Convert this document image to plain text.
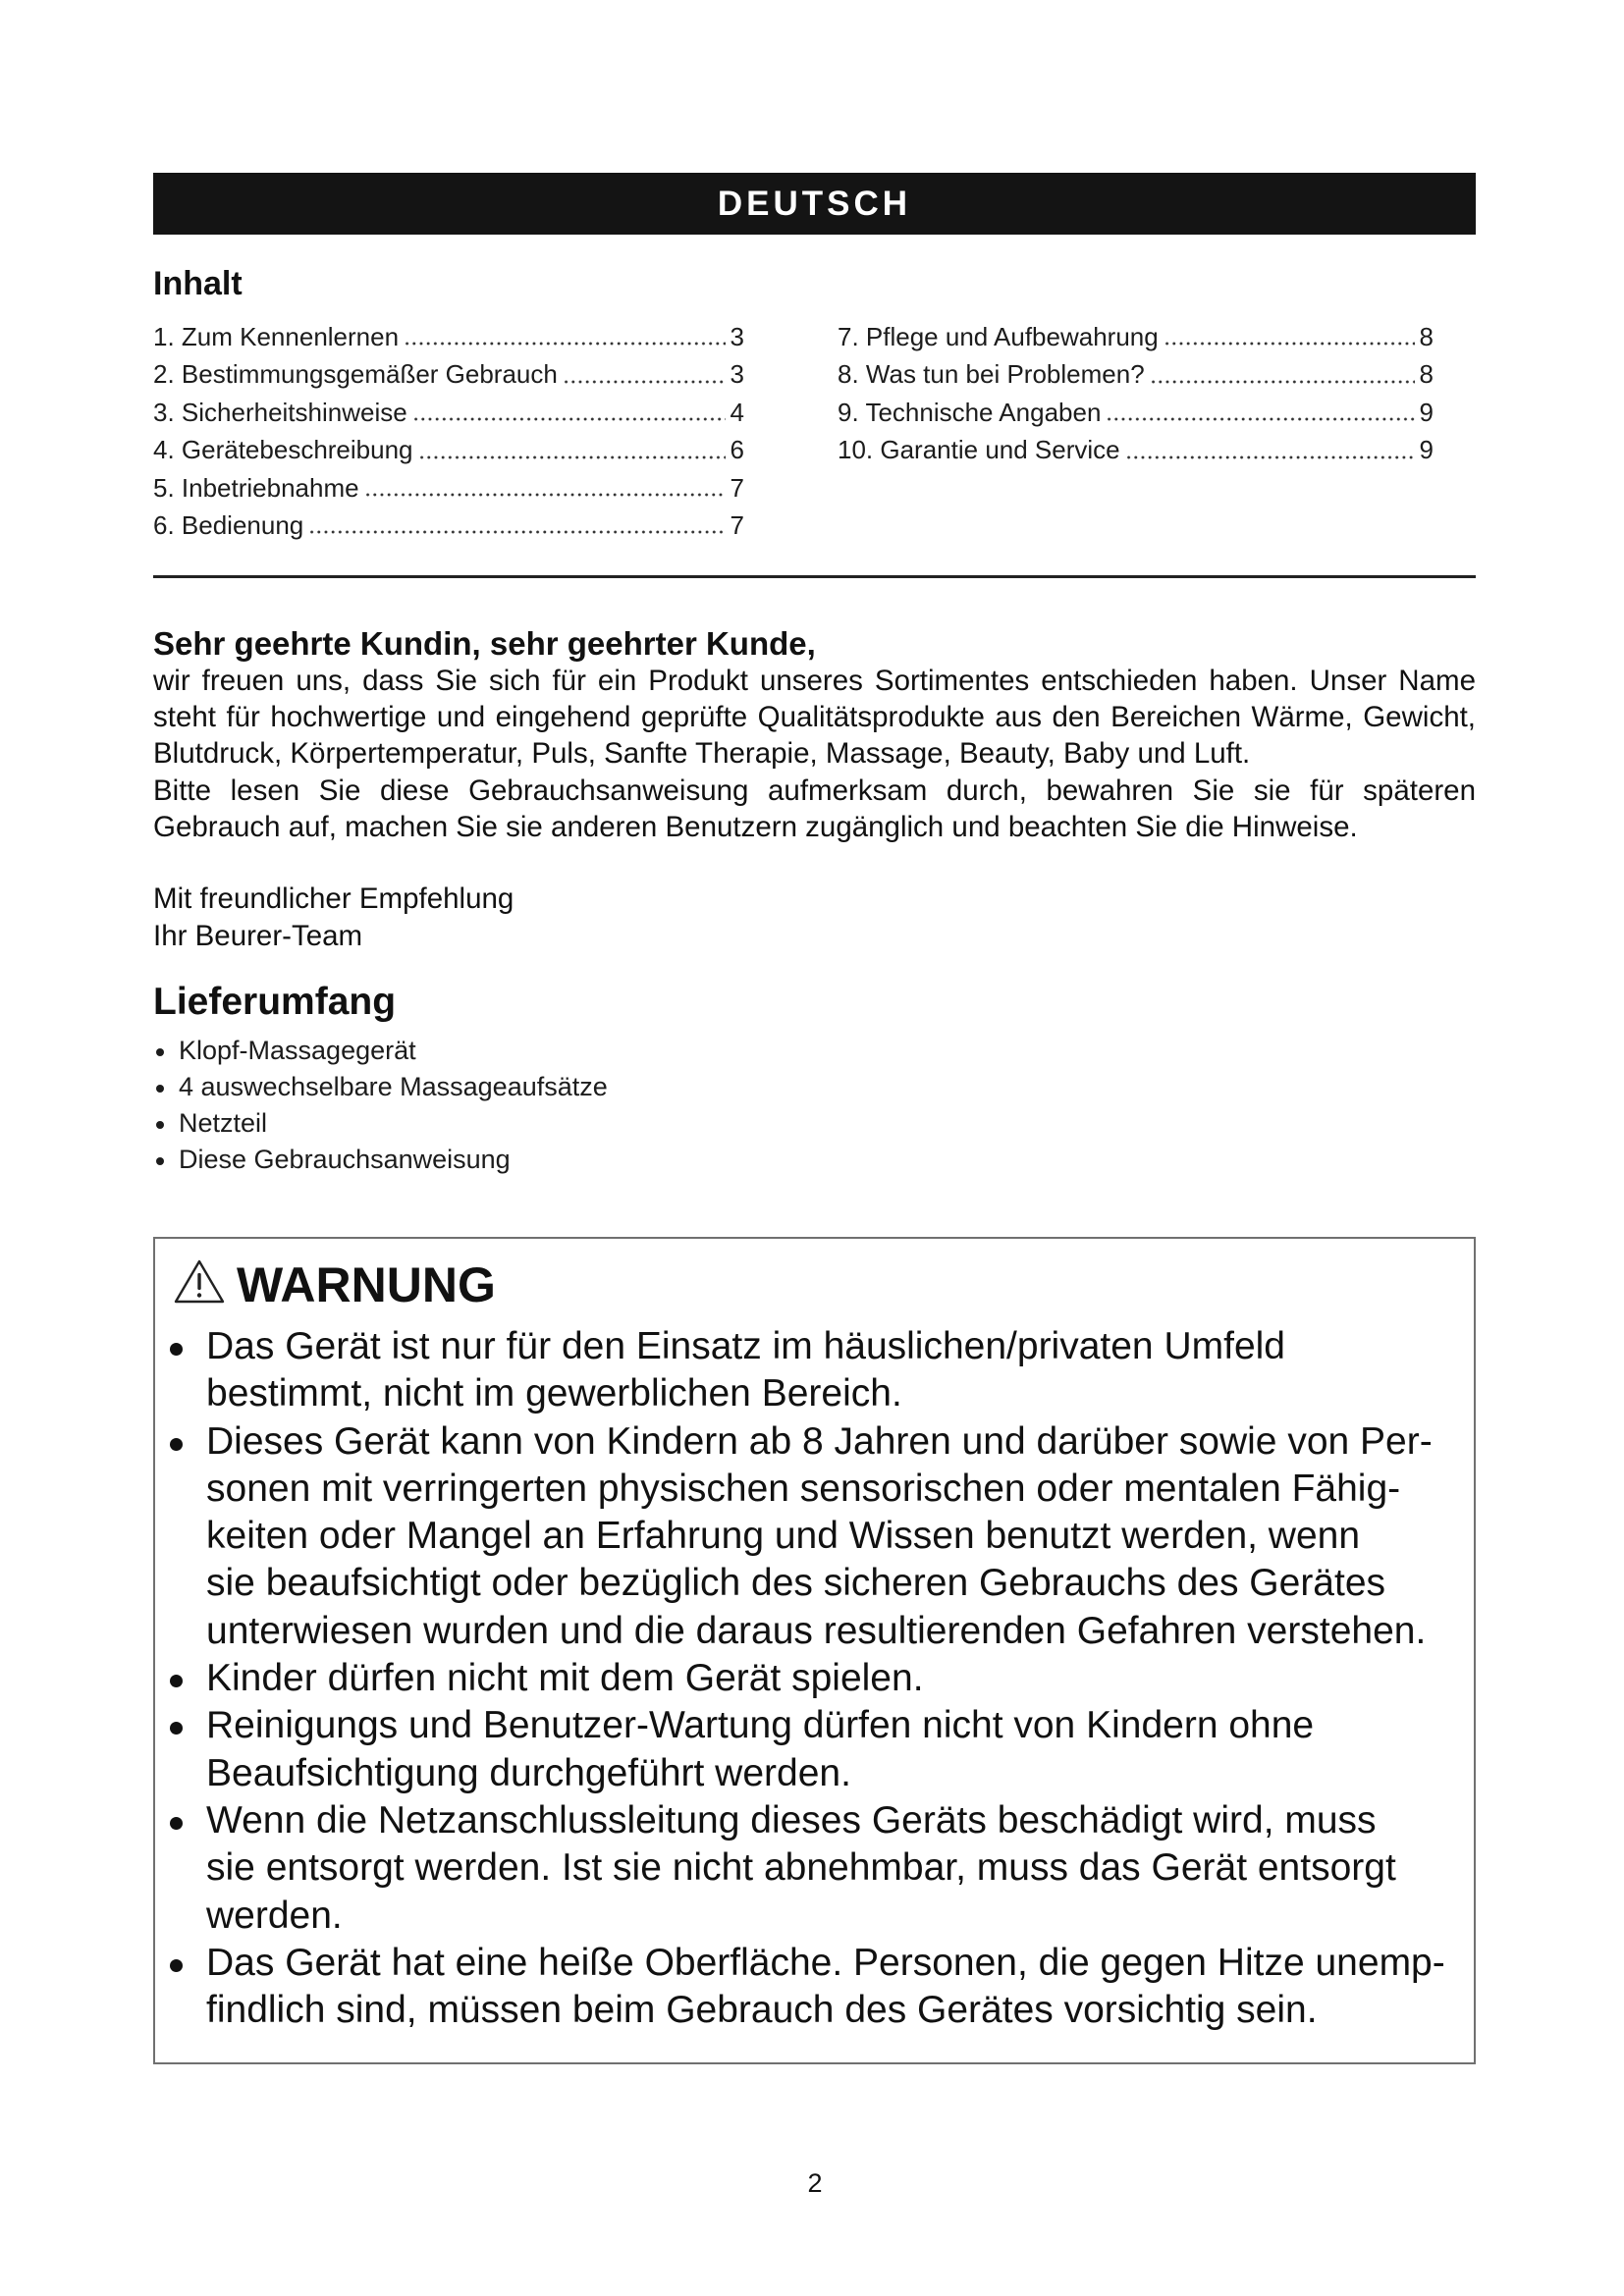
DEUTSCH
Inhalt
1. Zum Kennenlernen	3
2. Bestimmungsgemäßer Gebrauch	3
3. Sicherheitshinweise	4
4. Gerätebeschreibung	6
5. Inbetriebnahme	7
6. Bedienung	7
7. Pflege und Aufbewahrung	8
8. Was tun bei Problemen?	8
9. Technische Angaben	9
10. Garantie und Service	9
Sehr geehrte Kundin, sehr geehrter Kunde,
wir freuen uns, dass Sie sich für ein Produkt unseres Sortimentes entschieden haben. Unser Name
steht für hochwertige und eingehend geprüfte Qualitätsprodukte aus den Bereichen Wärme, Gewicht,
Blutdruck, Körpertemperatur, Puls, Sanfte Therapie, Massage, Beauty, Baby und Luft.
Bitte lesen Sie diese Gebrauchsanweisung aufmerksam durch, bewahren Sie sie für späteren
Gebrauch auf, machen Sie sie anderen Benutzern zugänglich und beachten Sie die Hinweise.
Mit freundlicher Empfehlung
Ihr Beurer-Team
Lieferumfang
Klopf-Massagegerät
4 auswechselbare Massageaufsätze
Netzteil
Diese Gebrauchsanweisung
WARNUNG
Das Gerät ist nur für den Einsatz im häuslichen/privaten Umfeld
bestimmt, nicht im gewerblichen Bereich.
Dieses Gerät kann von Kindern ab 8 Jahren und darüber sowie von Per-
sonen mit verringerten physischen sensorischen oder mentalen Fähig-
keiten oder Mangel an Erfahrung und Wissen benutzt werden, wenn
sie beaufsichtigt oder bezüglich des sicheren Gebrauchs des Gerätes
unterwiesen wurden und die daraus resultierenden Gefahren verstehen.
Kinder dürfen nicht mit dem Gerät spielen.
Reinigungs und Benutzer-Wartung dürfen nicht von Kindern ohne
Beaufsichtigung durchgeführt werden.
Wenn die Netzanschlussleitung dieses Geräts beschädigt wird, muss
sie entsorgt werden. Ist sie nicht abnehmbar, muss das Gerät entsorgt
werden.
Das Gerät hat eine heiße Oberfläche. Personen, die gegen Hitze unemp-
findlich sind, müssen beim Gebrauch des Gerätes vorsichtig sein.
2
